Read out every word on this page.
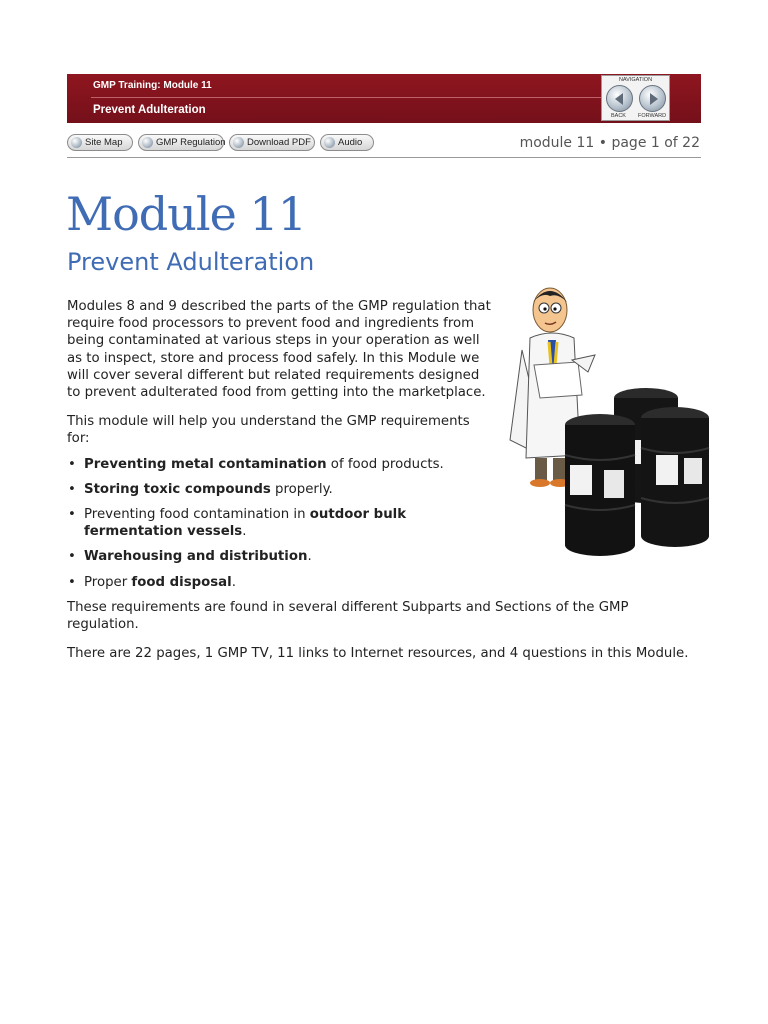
GMP Training: Module 11
Prevent Adulteration
NAVIGATION
BACK FORWARD
Site Map	GMP Regulation	Download PDF	Audio	module 11 • page 1 of 22
Module 11
Prevent Adulteration

Modules 8 and 9 described the parts of the GMP regulation that require food processors to prevent food and ingredients from being contaminated at various steps in your operation as well as to inspect, store and process food safely. In this Module we will cover several different but related requirements designed to prevent adulterated food from getting into the marketplace.

This module will help you understand the GMP requirements for:

• Preventing metal contamination of food products.
• Storing toxic compounds properly.
• Preventing food contamination in outdoor bulk fermentation vessels.
• Warehousing and distribution.
• Proper food disposal.

These requirements are found in several different Subparts and Sections of the GMP regulation.

There are 22 pages, 1 GMP TV, 11 links to Internet resources, and 4 questions in this Module.
